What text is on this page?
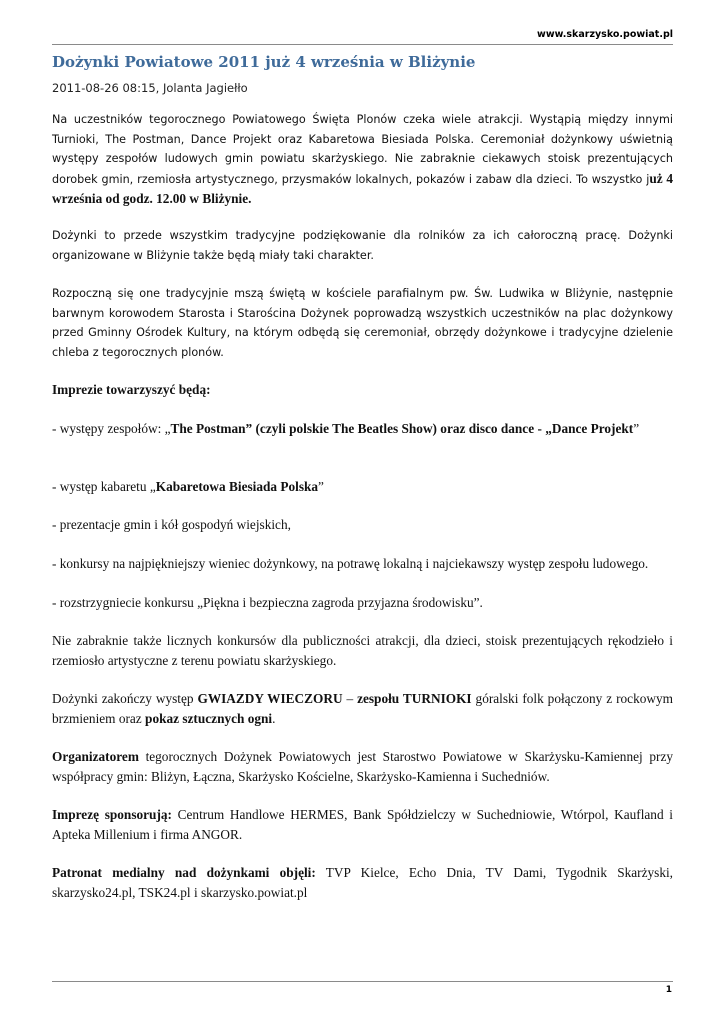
www.skarzysko.powiat.pl
Dożynki Powiatowe 2011 już 4 września w Bliżynie

2011-08-26 08:15, Jolanta Jagiełło

Na uczestników tegorocznego Powiatowego Święta Plonów czeka wiele atrakcji. Wystąpią między innymi Turnioki, The Postman, Dance Projekt oraz Kabaretowa Biesiada Polska. Ceremoniał dożynkowy uświetnią występy zespołów ludowych gmin powiatu skarżyskiego. Nie zabraknie ciekawych stoisk prezentujących dorobek gmin, rzemiosła artystycznego, przysmaków lokalnych, pokazów i zabaw dla dzieci. To wszystko już 4 września od godz. 12.00 w Bliżynie.

Dożynki to przede wszystkim tradycyjne podziękowanie dla rolników za ich całoroczną pracę. Dożynki organizowane w Bliżynie także będą miały taki charakter.

Rozpoczną się one tradycyjnie mszą świętą w kościele parafialnym pw. Św. Ludwika w Bliżynie, następnie barwnym korowodem Starosta i Starościna Dożynek poprowadzą wszystkich uczestników na plac dożynkowy przed Gminny Ośrodek Kultury, na którym odbędą się ceremoniał, obrzędy dożynkowe i tradycyjne dzielenie chleba z tegorocznych plonów.

Imprezie towarzyszyć będą:

- występy zespołów: „The Postman” (czyli polskie The Beatles Show) oraz disco dance - „Dance Projekt”

- występ kabaretu „Kabaretowa Biesiada Polska”

- prezentacje gmin i kół gospodyń wiejskich,

- konkursy na najpiękniejszy wieniec dożynkowy, na potrawę lokalną i najciekawszy występ zespołu ludowego.

- rozstrzygniecie konkursu „Piękna i bezpieczna zagroda przyjazna środowisku”.

Nie zabraknie także licznych konkursów dla publiczności atrakcji, dla dzieci, stoisk prezentujących rękodzieło i rzemiosło artystyczne z terenu powiatu skarżyskiego.

Dożynki zakończy występ GWIAZDY WIECZORU – zespołu TURNIOKI góralski folk połączony z rockowym brzmieniem oraz pokaz sztucznych ogni.

Organizatorem tegorocznych Dożynek Powiatowych jest Starostwo Powiatowe w Skarżysku-Kamiennej przy współpracy gmin: Bliżyn, Łączna, Skarżysko Kościelne, Skarżysko-Kamienna i Suchedniów.

Imprezę sponsorują: Centrum Handlowe HERMES, Bank Spółdzielczy w Suchedniowie, Wtórpol, Kaufland i Apteka Millenium i firma ANGOR.

Patronat medialny nad dożynkami objęli: TVP Kielce, Echo Dnia, TV Dami, Tygodnik Skarżyski, skarzysko24.pl, TSK24.pl i skarzysko.powiat.pl

1
